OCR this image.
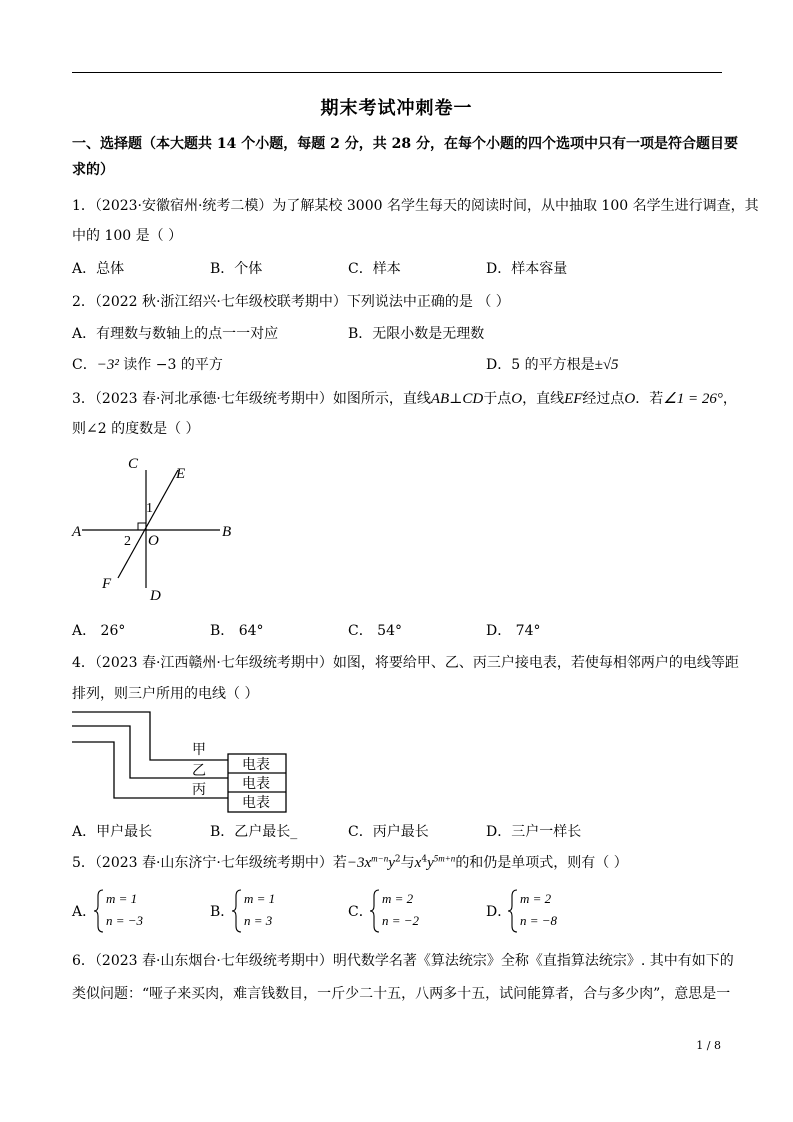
期末考试冲刺卷一
一、选择题（本大题共 14 个小题，每题 2 分，共 28 分，在每个小题的四个选项中只有一项是符合题目要
求的）
1．（2023·安徽宿州·统考二模）为了解某校 3000 名学生每天的阅读时间，从中抽取 100 名学生进行调查，其
中的 100 是（ ）
A．总体	B．个体	C．样本	D．样本容量
2．（2022 秋·浙江绍兴·七年级校联考期中）下列说法中正确的是 （ ）
A．有理数与数轴上的点一一对应	B．无限小数是无理数
C．−3² 读作 −3 的平方	D．5 的平方根是±√5
3．（2023 春·河北承德·七年级统考期中）如图所示，直线AB⊥CD于点O，直线EF经过点O．若∠1 = 26°，
则∠2 的度数是（ ）
C
E
1
A
2 O
B
F
D
A． 26°	B． 64°	C． 54°	D． 74°
4．（2023 春·江西赣州·七年级统考期中）如图，将要给甲、乙、丙三户接电表，若使每相邻两户的电线等距
排列，则三户所用的电线（ ）
甲
乙
丙
电表
电表
电表
A．甲户最长	B．乙户最长_	C．丙户最长	D．三户一样长
5．（2023 春·山东济宁·七年级统考期中）若$-3x^{m-n}y^2$与$x^4y^{5m+n}$的和仍是单项式，则有（ ）
A．
m = 1
n = −3
B．
m = 1
n = 3
C．
m = 2
n = −2
D．
m = 2
n = −8
6．（2023 春·山东烟台·七年级统考期中）明代数学名著《算法统宗》全称《直指算法统宗》. 其中有如下的
类似问题：“哑子来买肉，难言钱数目，一斤少二十五，八两多十五，试问能算者，合与多少肉”，意思是一
1 / 8
